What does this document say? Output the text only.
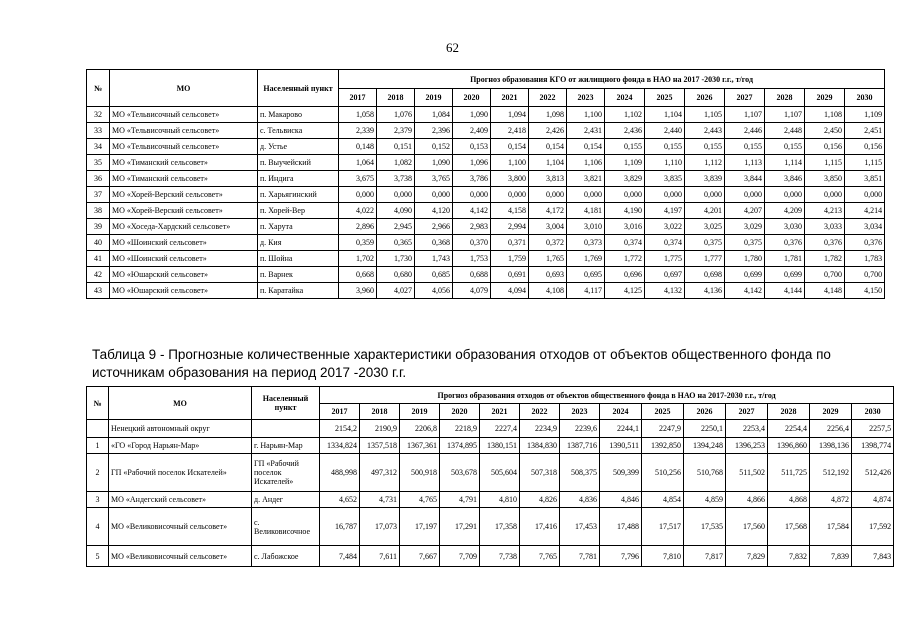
62
№	МО	Населенный пункт	Прогноз образования КГО от жилищного фонда в НАО на 2017 -2030 г.г., т/год													
			2017	2018	2019	2020	2021	2022	2023	2024	2025	2026	2027	2028	2029	2030
32	МО «Тельвисочный сельсовет»	п. Макарово	1,058	1,076	1,084	1,090	1,094	1,098	1,100	1,102	1,104	1,105	1,107	1,107	1,108	1,109
33	МО «Тельвисочный сельсовет»	с. Тельвиска	2,339	2,379	2,396	2,409	2,418	2,426	2,431	2,436	2,440	2,443	2,446	2,448	2,450	2,451
34	МО «Тельвисочный сельсовет»	д. Устье	0,148	0,151	0,152	0,153	0,154	0,154	0,154	0,155	0,155	0,155	0,155	0,155	0,156	0,156
35	МО «Тиманский сельсовет»	п. Выучейский	1,064	1,082	1,090	1,096	1,100	1,104	1,106	1,109	1,110	1,112	1,113	1,114	1,115	1,115
36	МО «Тиманский сельсовет»	п. Индига	3,675	3,738	3,765	3,786	3,800	3,813	3,821	3,829	3,835	3,839	3,844	3,846	3,850	3,851
37	МО «Хорей-Верский сельсовет»	п. Харьягинский	0,000	0,000	0,000	0,000	0,000	0,000	0,000	0,000	0,000	0,000	0,000	0,000	0,000	0,000
38	МО «Хорей-Верский сельсовет»	п. Хорей-Вер	4,022	4,090	4,120	4,142	4,158	4,172	4,181	4,190	4,197	4,201	4,207	4,209	4,213	4,214
39	МО «Хоседа-Хардский сельсовет»	п. Харута	2,896	2,945	2,966	2,983	2,994	3,004	3,010	3,016	3,022	3,025	3,029	3,030	3,033	3,034
40	МО «Шоинский сельсовет»	д. Кия	0,359	0,365	0,368	0,370	0,371	0,372	0,373	0,374	0,374	0,375	0,375	0,376	0,376	0,376
41	МО «Шоинский сельсовет»	п. Шойна	1,702	1,730	1,743	1,753	1,759	1,765	1,769	1,772	1,775	1,777	1,780	1,781	1,782	1,783
42	МО «Юшарский сельсовет»	п. Варнек	0,668	0,680	0,685	0,688	0,691	0,693	0,695	0,696	0,697	0,698	0,699	0,699	0,700	0,700
43	МО «Юшарский сельсовет»	п. Каратайка	3,960	4,027	4,056	4,079	4,094	4,108	4,117	4,125	4,132	4,136	4,142	4,144	4,148	4,150
Таблица 9 - Прогнозные количественные характеристики образования отходов от объектов общественного фонда по источникам образования на период 2017 -2030 г.г.
№	МО	Населенный пункт	Прогноз образования отходов от объектов общественного фонда в НАО на 2017-2030 г.г., т/год													
			2017	2018	2019	2020	2021	2022	2023	2024	2025	2026	2027	2028	2029	2030
	Ненецкий автономный округ		2154,2	2190,9	2206,8	2218,9	2227,4	2234,9	2239,6	2244,1	2247,9	2250,1	2253,4	2254,4	2256,4	2257,5
1	«ГО «Город Нарьян-Мар»	г. Нарьян-Мар	1334,824	1357,518	1367,361	1374,895	1380,151	1384,830	1387,716	1390,511	1392,850	1394,248	1396,253	1396,860	1398,136	1398,774
2	ГП «Рабочий поселок Искателей»	ГП «Рабочий поселок Искателей»	488,998	497,312	500,918	503,678	505,604	507,318	508,375	509,399	510,256	510,768	511,502	511,725	512,192	512,426
3	МО «Андегский сельсовет»	д. Андег	4,652	4,731	4,765	4,791	4,810	4,826	4,836	4,846	4,854	4,859	4,866	4,868	4,872	4,874
4	МО «Великовисочный сельсовет»	с. Великовисочное	16,787	17,073	17,197	17,291	17,358	17,416	17,453	17,488	17,517	17,535	17,560	17,568	17,584	17,592
5	МО «Великовисочный сельсовет»	с. Лабожское	7,484	7,611	7,667	7,709	7,738	7,765	7,781	7,796	7,810	7,817	7,829	7,832	7,839	7,843
